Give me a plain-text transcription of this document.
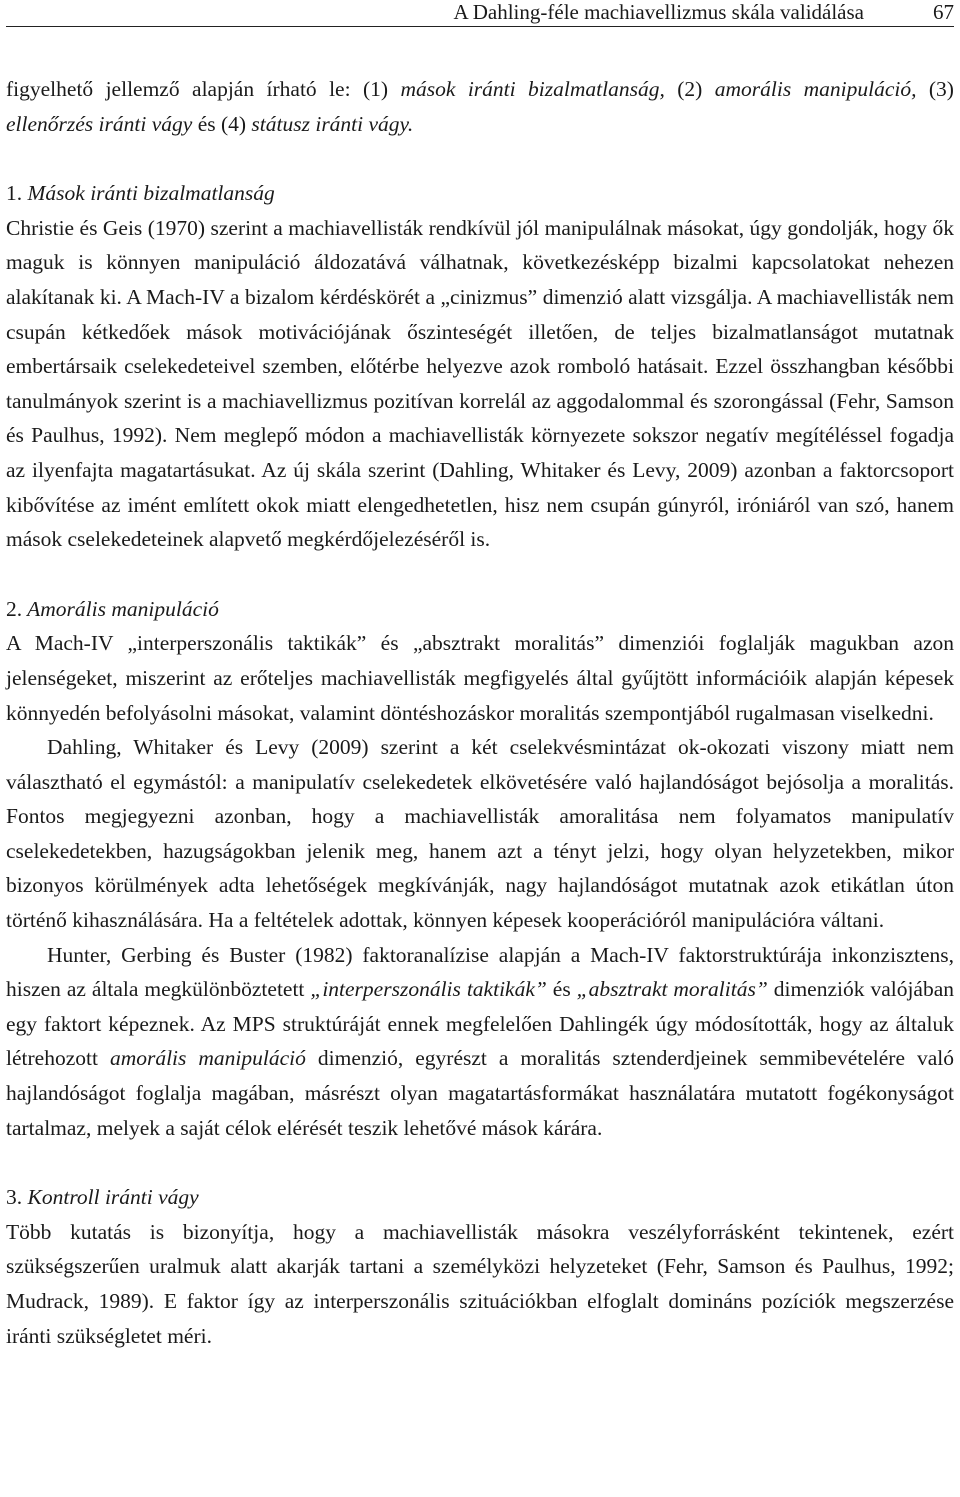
A Dahling-féle machiavellizmus skála validálása	67

figyelhető jellemző alapján írható le: (1) mások iránti bizalmatlanság, (2) amorális manipuláció, (3) ellenőrzés iránti vágy és (4) státusz iránti vágy.

1. Mások iránti bizalmatlanság

Christie és Geis (1970) szerint a machiavellisták rendkívül jól manipulálnak másokat, úgy gondolják, hogy ők maguk is könnyen manipuláció áldozatává válhatnak, következésképp bizalmi kapcsolatokat nehezen alakítanak ki. A Mach-IV a bizalom kérdéskörét a „cinizmus” dimenzió alatt vizsgálja. A machiavellisták nem csupán kétkedőek mások motivációjának őszinteségét illetően, de teljes bizalmatlanságot mutatnak embertársaik cselekedeteivel szemben, előtérbe helyezve azok romboló hatásait. Ezzel összhangban későbbi tanulmányok szerint is a machiavellizmus pozitívan korrelál az aggodalommal és szorongással (Fehr, Samson és Paulhus, 1992). Nem meglepő módon a machiavellisták környezete sokszor negatív megítéléssel fogadja az ilyenfajta magatartásukat. Az új skála szerint (Dahling, Whitaker és Levy, 2009) azonban a faktorcsoport kibővítése az imént említett okok miatt elengedhetetlen, hisz nem csupán gúnyról, iróniáról van szó, hanem mások cselekedeteinek alapvető megkérdőjelezéséről is.

2. Amorális manipuláció

A Mach-IV „interperszonális taktikák” és „absztrakt moralitás” dimenziói foglalják magukban azon jelenségeket, miszerint az erőteljes machiavellisták megfigyelés által gyűjtött információik alapján képesek könnyedén befolyásolni másokat, valamint döntéshozáskor moralitás szempontjából rugalmasan viselkedni.

Dahling, Whitaker és Levy (2009) szerint a két cselekvésmintázat ok-okozati viszony miatt nem választható el egymástól: a manipulatív cselekedetek elkövetésére való hajlandóságot bejósolja a moralitás. Fontos megjegyezni azonban, hogy a machiavellisták amoralitása nem folyamatos manipulatív cselekedetekben, hazugságokban jelenik meg, hanem azt a tényt jelzi, hogy olyan helyzetekben, mikor bizonyos körülmények adta lehetőségek megkívánják, nagy hajlandóságot mutatnak azok etikátlan úton történő kihasználására. Ha a feltételek adottak, könnyen képesek kooperációról manipulációra váltani.

Hunter, Gerbing és Buster (1982) faktoranalízise alapján a Mach-IV faktorstruktúrája inkonzisztens, hiszen az általa megkülönböztetett „interperszonális taktikák” és „absztrakt moralitás” dimenziók valójában egy faktort képeznek. Az MPS struktúráját ennek megfelelően Dahlingék úgy módosították, hogy az általuk létrehozott amorális manipuláció dimenzió, egyrészt a moralitás sztenderdjeinek semmibevételére való hajlandóságot foglalja magában, másrészt olyan magatartásformákat használatára mutatott fogékonyságot tartalmaz, melyek a saját célok elérését teszik lehetővé mások kárára.

3. Kontroll iránti vágy

Több kutatás is bizonyítja, hogy a machiavellisták másokra veszélyforrásként tekintenek, ezért szükségszerűen uralmuk alatt akarják tartani a személyközi helyzeteket (Fehr, Samson és Paulhus, 1992; Mudrack, 1989). E faktor így az interperszonális szituációkban elfoglalt domináns pozíciók megszerzése iránti szükségletet méri.
